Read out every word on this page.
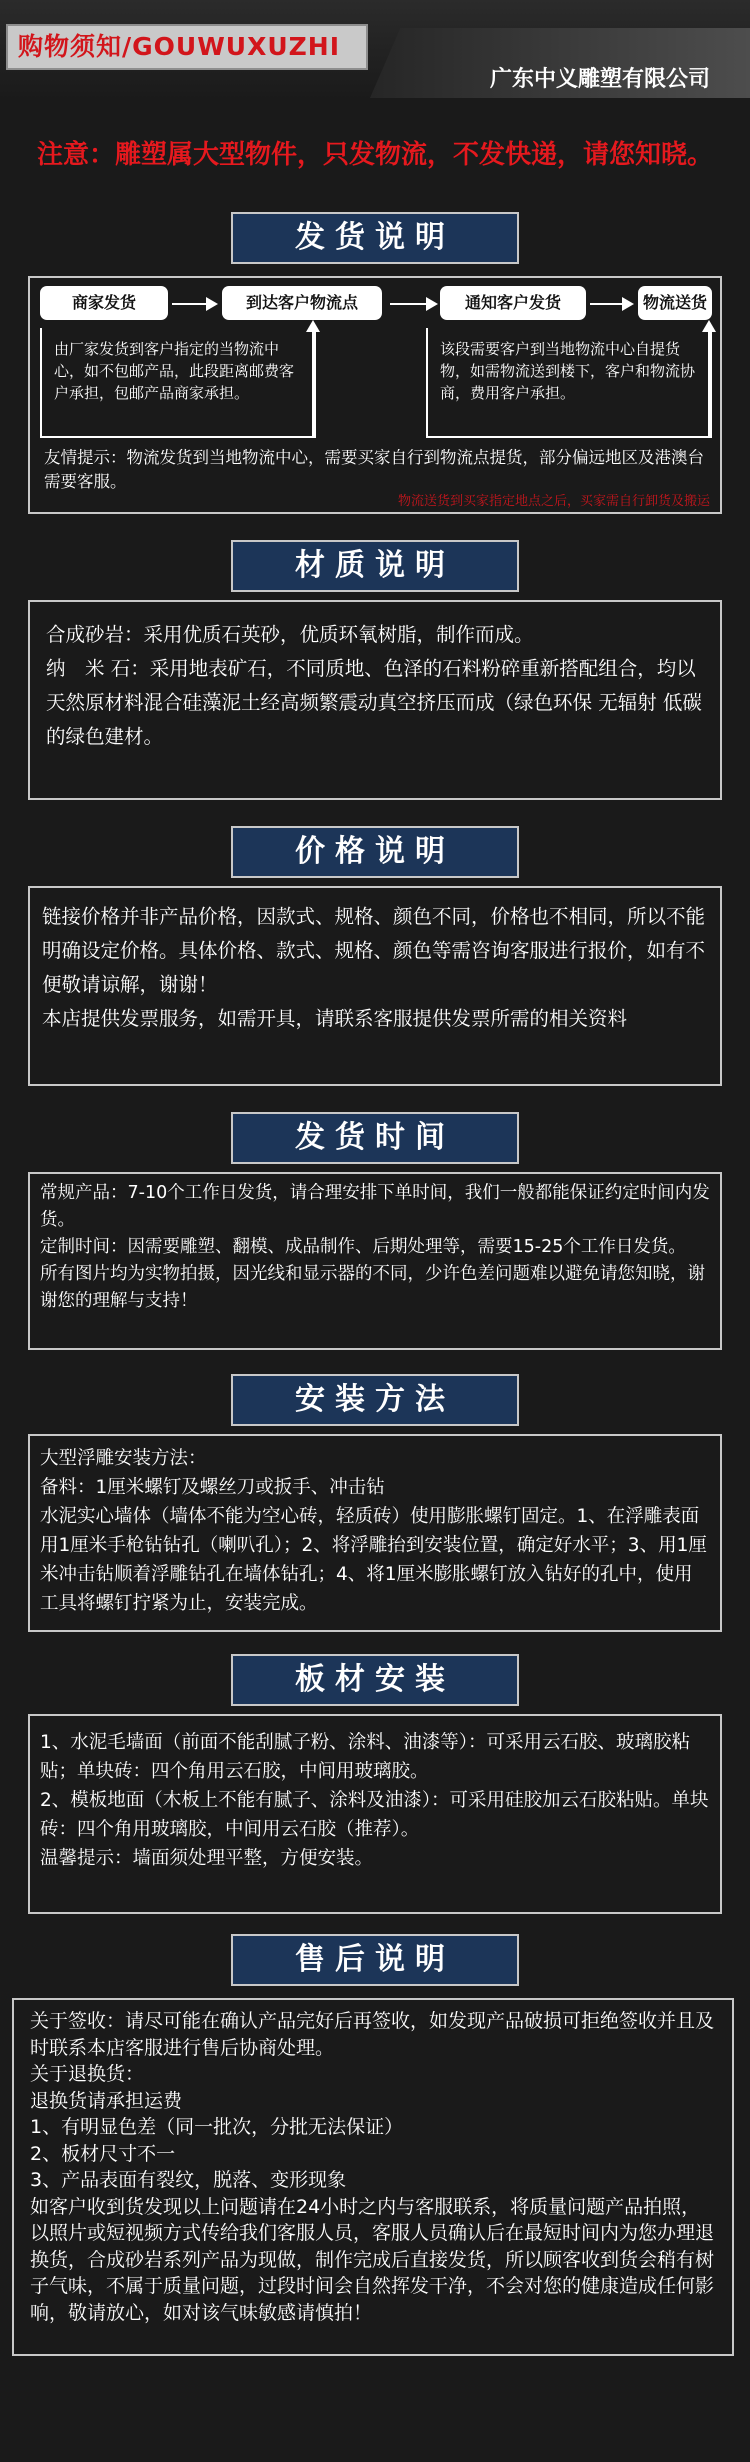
购物须知/GOUWUXUZHI
广东中义雕塑有限公司
注意：雕塑属大型物件，只发物流，不发快递，请您知晓。
发货说明
商家发货	到达客户物流点	通知客户发货	物流送货
由厂家发货到客户指定的当物流中心，如不包邮产品，此段距离邮费客户承担，包邮产品商家承担。
该段需要客户到当地物流中心自提货物，如需物流送到楼下，客户和物流协商，费用客户承担。
友情提示：物流发货到当地物流中心，需要买家自行到物流点提货，部分偏远地区及港澳台需要客服。
物流送货到买家指定地点之后，买家需自行卸货及搬运
材质说明

合成砂岩：采用优质石英砂，优质环氧树脂，制作而成。

纳　米 石：采用地表矿石，不同质地、色泽的石料粉碎重新搭配组合，均以天然原材料混合硅藻泥土经高频繁震动真空挤压而成（绿色环保 无辐射 低碳的绿色建材。

价格说明

链接价格并非产品价格，因款式、规格、颜色不同，价格也不相同，所以不能明确设定价格。具体价格、款式、规格、颜色等需咨询客服进行报价，如有不便敬请谅解，谢谢！

本店提供发票服务，如需开具，请联系客服提供发票所需的相关资料

发货时间

常规产品：7-10个工作日发货，请合理安排下单时间，我们一般都能保证约定时间内发货。

定制时间：因需要雕塑、翻模、成品制作、后期处理等，需要15-25个工作日发货。

所有图片均为实物拍摄，因光线和显示器的不同，少许色差问题难以避免请您知晓，谢谢您的理解与支持！

安装方法

大型浮雕安装方法：

备料：1厘米螺钉及螺丝刀或扳手、冲击钻

水泥实心墙体（墙体不能为空心砖，轻质砖）使用膨胀螺钉固定。1、在浮雕表面用1厘米手枪钻钻孔（喇叭孔）；2、将浮雕抬到安装位置，确定好水平；3、用1厘米冲击钻顺着浮雕钻孔在墙体钻孔；4、将1厘米膨胀螺钉放入钻好的孔中，使用工具将螺钉拧紧为止，安装完成。

板材安装

1、水泥毛墙面（前面不能刮腻子粉、涂料、油漆等）：可采用云石胶、玻璃胶粘贴；单块砖：四个角用云石胶，中间用玻璃胶。

2、模板地面（木板上不能有腻子、涂料及油漆）：可采用硅胶加云石胶粘贴。单块砖：四个角用玻璃胶，中间用云石胶（推荐）。

温馨提示：墙面须处理平整，方便安装。

售后说明

关于签收：请尽可能在确认产品完好后再签收，如发现产品破损可拒绝签收并且及时联系本店客服进行售后协商处理。

关于退换货：

退换货请承担运费

1、有明显色差（同一批次，分批无法保证）

2、板材尺寸不一

3、产品表面有裂纹，脱落、变形现象

如客户收到货发现以上问题请在24小时之内与客服联系，将质量问题产品拍照，以照片或短视频方式传给我们客服人员，客服人员确认后在最短时间内为您办理退换货，合成砂岩系列产品为现做，制作完成后直接发货，所以顾客收到货会稍有树子气味，不属于质量问题，过段时间会自然挥发干净，不会对您的健康造成任何影响，敬请放心，如对该气味敏感请慎拍！
